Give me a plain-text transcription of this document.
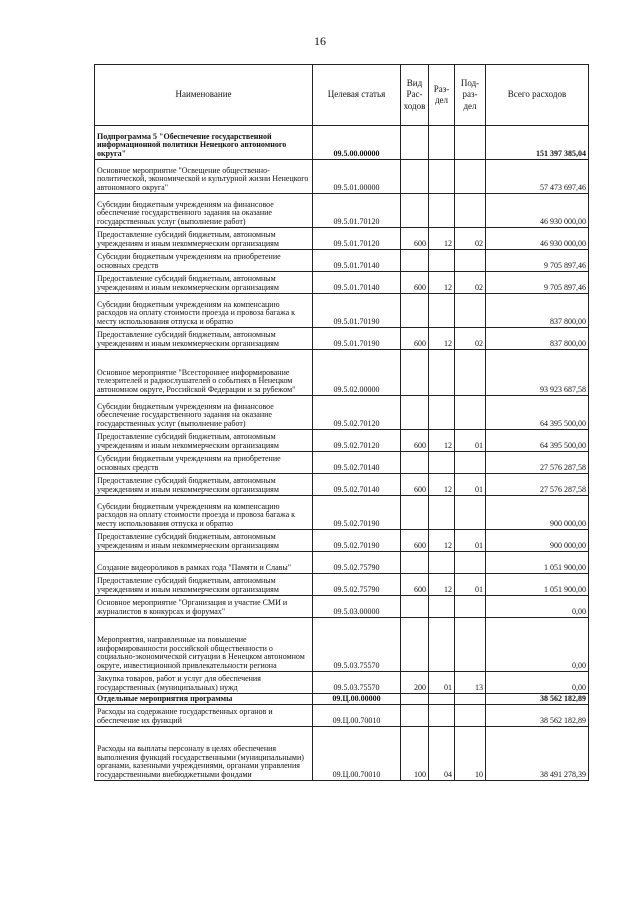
16
Наименование	Целевая статья	Вид Рас-ходов	Раз-дел	Под-раз-дел	Всего расходов
Подпрограмма 5 "Обеспечение государственной информационной политики Ненецкого автономного округа"	09.5.00.00000				151 397 385,04
Основное мероприятие "Освещение общественно-политической, экономической и культурной жизни Ненецкого автономного округа"	09.5.01.00000				57 473 697,46
Субсидии бюджетным учреждениям на финансовое обеспечение государственного задания на оказание государственных услуг (выполнение работ)	09.5.01.70120				46 930 000,00
Предоставление субсидий бюджетным, автономным учреждениям и иным некоммерческим организациям	09.5.01.70120	600	12	02	46 930 000,00
Субсидии бюджетным учреждениям на приобретение основных средств	09.5.01.70140				9 705 897,46
Предоставление субсидий бюджетным, автономным учреждениям и иным некоммерческим организациям	09.5.01.70140	600	12	02	9 705 897,46
Субсидии бюджетным учреждениям на компенсацию расходов на оплату стоимости проезда и провоза багажа к месту использования отпуска и обратно	09.5.01.70190				837 800,00
Предоставление субсидий бюджетным, автономным учреждениям и иным некоммерческим организациям	09.5.01.70190	600	12	02	837 800,00
Основное мероприятие "Всестороннее информирование телезрителей и радиослушателей о событиях в Ненецком автономном округе, Российской Федерации и за рубежом"	09.5.02.00000				93 923 687,58
Субсидии бюджетным учреждениям на финансовое обеспечение государственного задания на оказание государственных услуг (выполнение работ)	09.5.02.70120				64 395 500,00
Предоставление субсидий бюджетным, автономным учреждениям и иным некоммерческим организациям	09.5.02.70120	600	12	01	64 395 500,00
Субсидии бюджетным учреждениям на приобретение основных средств	09.5.02.70140				27 576 287,58
Предоставление субсидий бюджетным, автономным учреждениям и иным некоммерческим организациям	09.5.02.70140	600	12	01	27 576 287,58
Субсидии бюджетным учреждениям на компенсацию расходов на оплату стоимости проезда и провоза багажа к месту использования отпуска и обратно	09.5.02.70190				900 000,00
Предоставление субсидий бюджетным, автономным учреждениям и иным некоммерческим организациям	09.5.02.70190	600	12	01	900 000,00
Создание видеороликов в рамках года "Памяти и Славы"	09.5.02.75790				1 051 900,00
Предоставление субсидий бюджетным, автономным учреждениям и иным некоммерческим организациям	09.5.02.75790	600	12	01	1 051 900,00
Основное мероприятие "Организация и участие СМИ и журналистов в конкурсах и форумах"	09.5.03.00000				0,00
Мероприятия, направленные на повышение информированности российской общественности о социально-экономической ситуации в Ненецком автономном округе, инвестиционной привлекательности региона	09.5.03.75570				0,00
Закупка товаров, работ и услуг для обеспечения государственных (муниципальных) нужд	09.5.03.75570	200	01	13	0,00
Отдельные мероприятия программы	09.Ц.00.00000				38 562 182,89
Расходы на содержание государственных органов и обеспечение их функций	09.Ц.00.70010				38 562 182,89
Расходы на выплаты персоналу в целях обеспечения выполнения функций государственными (муниципальными) органами, казенными учреждениями, органами управления государственными внебюджетными фондами	09.Ц.00.70010	100	04	10	38 491 278,39
